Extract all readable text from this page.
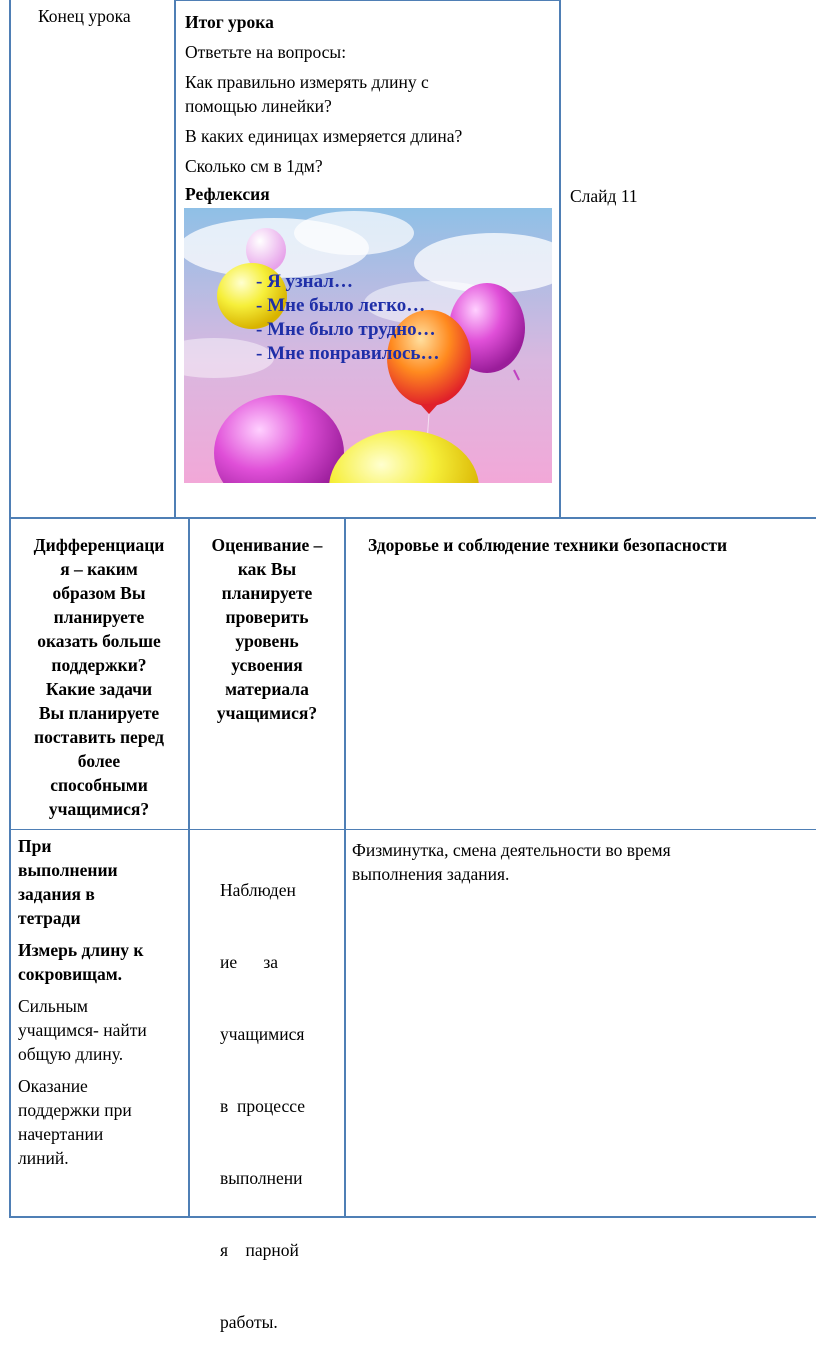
Конец урока	Итог урока

Ответьте на вопросы:

Как правильно измерять длину с

помощью линейки?

В каких единицах измеряется длина?

Сколько см в 1дм?

Рефлексия

- Я узнал…

- Мне было легко…

- Мне было трудно…

- Мне понравилось…

Слайд 11

Дифференциаци

я – каким

образом Вы

планируете

оказать больше

поддержки?

Какие задачи

Вы планируете

поставить перед

более

способными

учащимися?

Оценивание –

как Вы

планируете

проверить

уровень

усвоения

материала

учащимися?

Здоровье и соблюдение техники безопасности

При

выполнении

задания в

тетради

Измерь длину к

сокровищам.

Сильным

учащимся- найти

общую длину.

Оказание

поддержки при

начертании

линий.

Наблюден

ие      за

учащимися

в  процессе

выполнени

я    парной

работы.

Физминутка, смена деятельности во время

выполнения задания.
